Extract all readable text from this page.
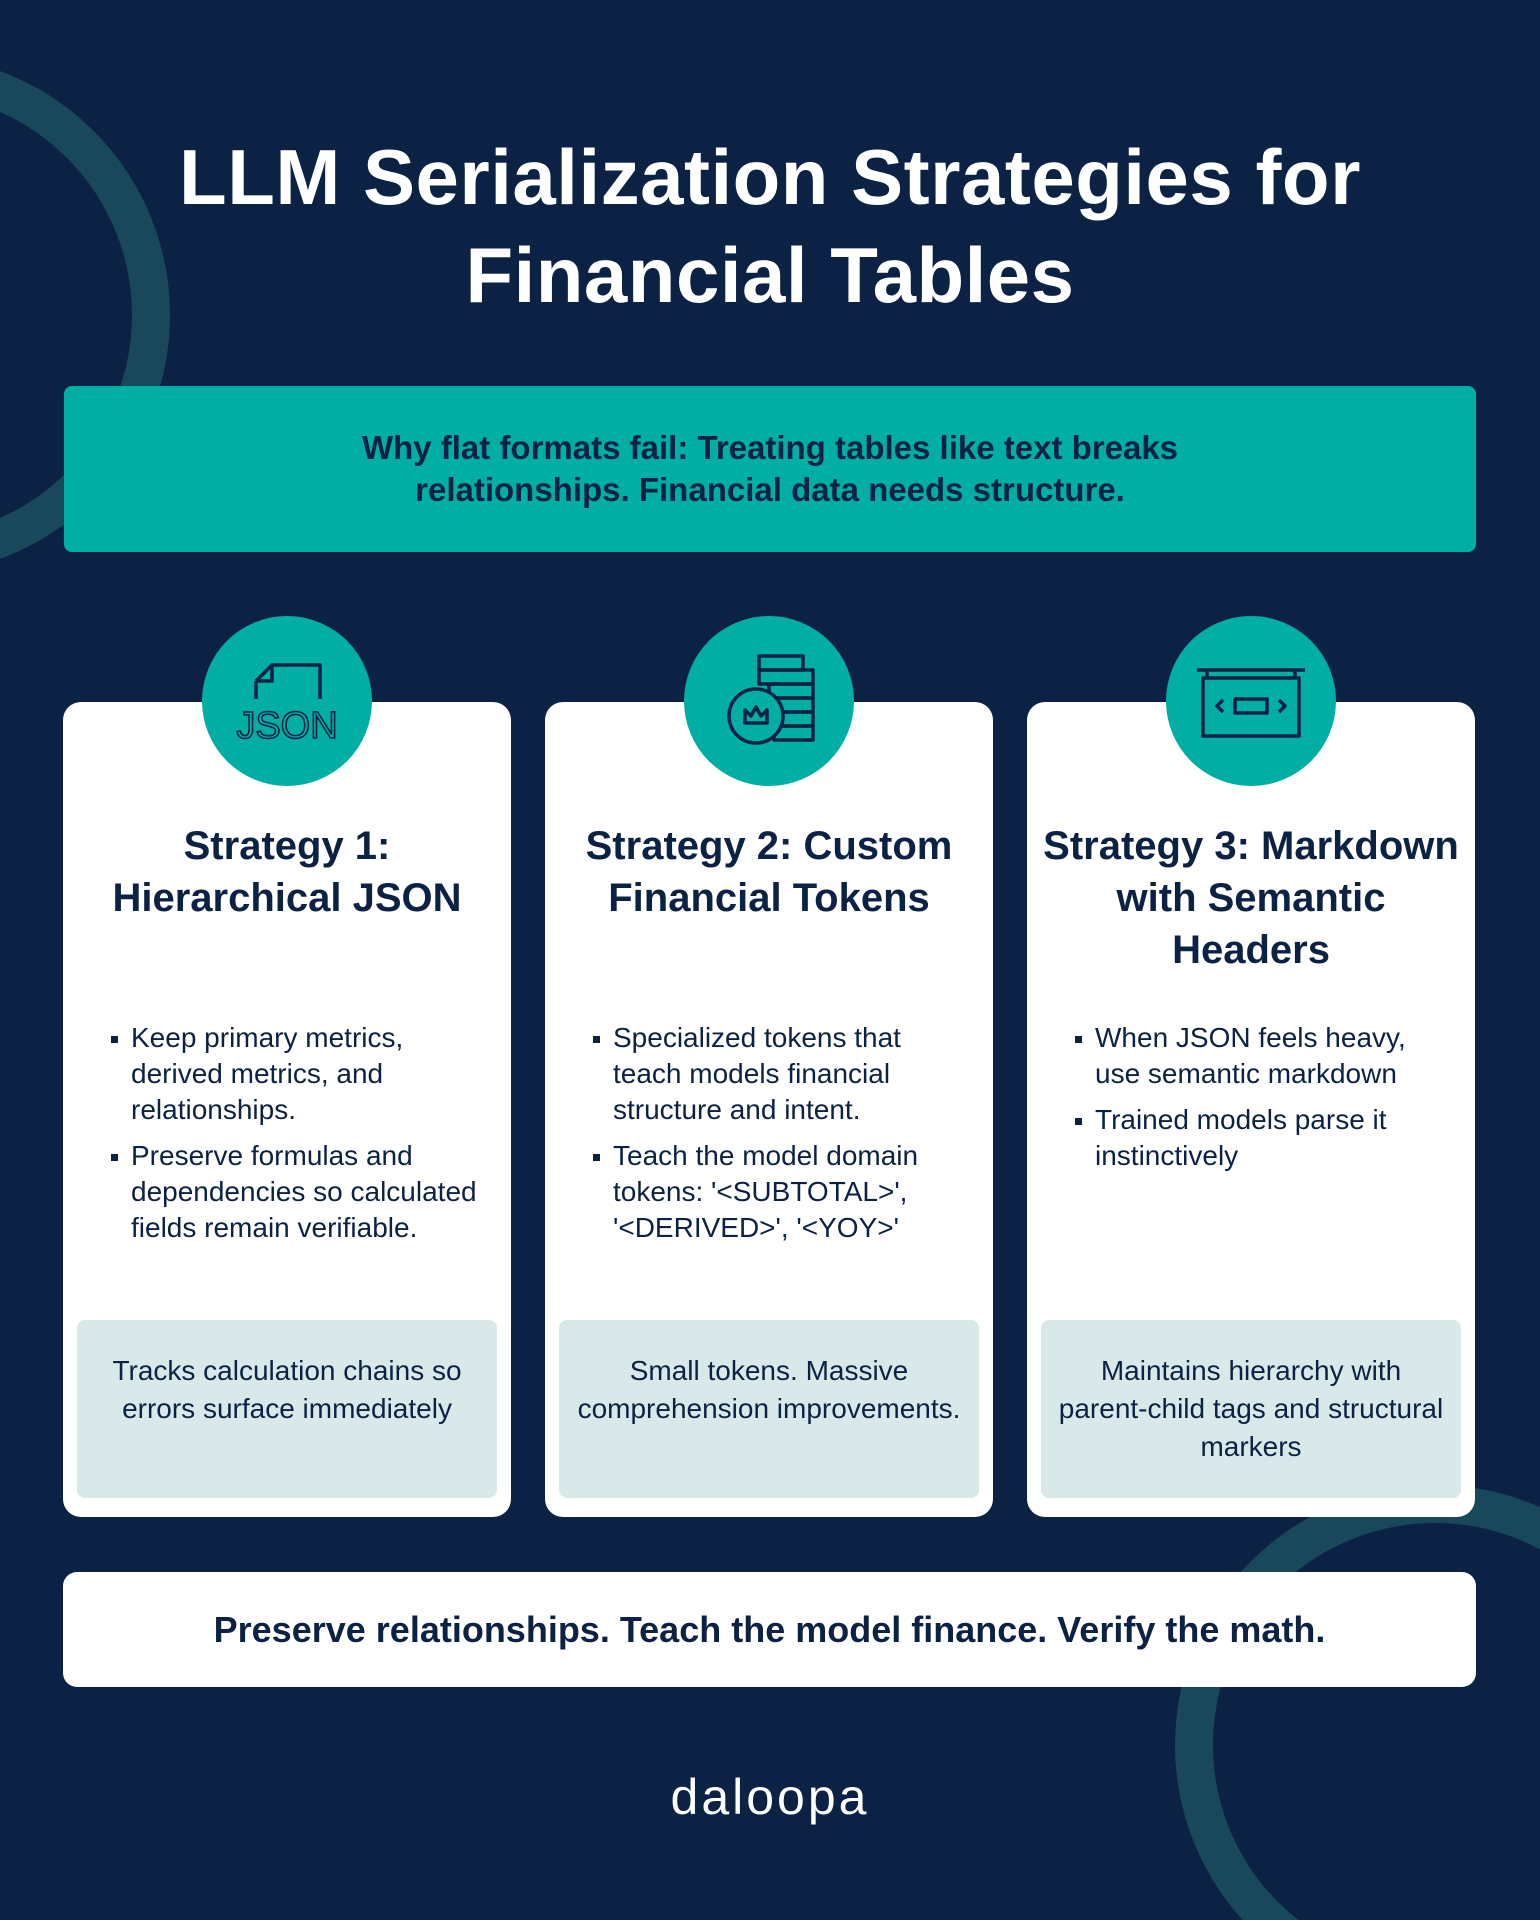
LLM Serialization Strategies for Financial Tables
Why flat formats fail: Treating tables like text breaks relationships. Financial data needs structure.
Strategy 1: Hierarchical JSON
Keep primary metrics, derived metrics, and relationships.
Preserve formulas and dependencies so calculated fields remain verifiable.
Tracks calculation chains so errors surface immediately
Strategy 2: Custom Financial Tokens
Specialized tokens that teach models financial structure and intent.
Teach the model domain tokens: '<SUBTOTAL>', '<DERIVED>', '<YOY>'
Small tokens. Massive comprehension improvements.
Strategy 3: Markdown with Semantic Headers
When JSON feels heavy, use semantic markdown
Trained models parse it instinctively
Maintains hierarchy with parent-child tags and structural markers
JSON
Preserve relationships. Teach the model finance. Verify the math.
daloopa
